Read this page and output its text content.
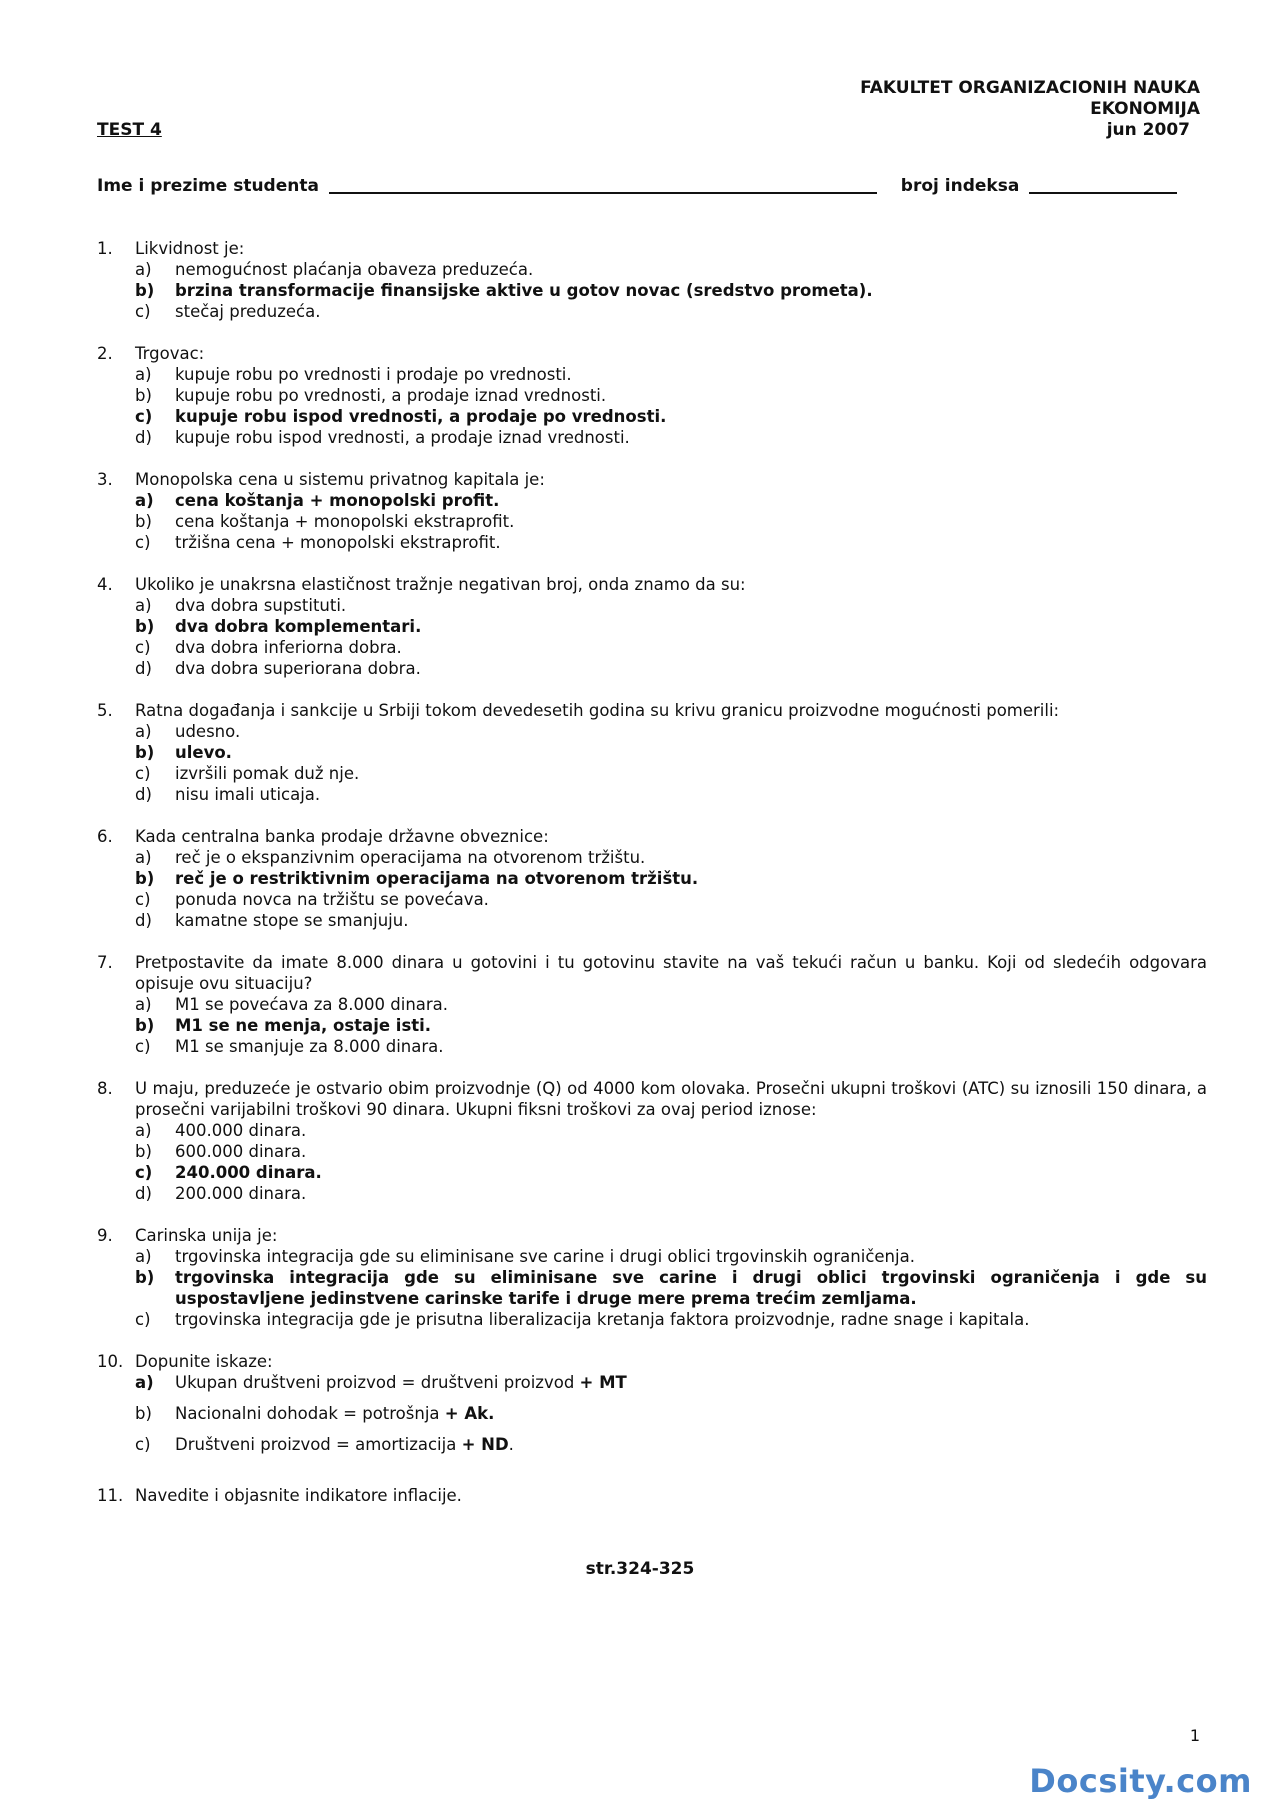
FAKULTET ORGANIZACIONIH NAUKA
EKONOMIJA
jun 2007
TEST 4
Ime i prezime studenta	broj indeksa
1. Likvidnost je:
a) nemogućnost plaćanja obaveza preduzeća.
b) brzina transformacije finansijske aktive u gotov novac (sredstvo prometa).
c) stečaj preduzeća.
2. Trgovac:
a) kupuje robu po vrednosti i prodaje po vrednosti.
b) kupuje robu po vrednosti, a prodaje iznad vrednosti.
c) kupuje robu ispod vrednosti, a prodaje po vrednosti.
d) kupuje robu ispod vrednosti, a prodaje iznad vrednosti.
3. Monopolska cena u sistemu privatnog kapitala je:
a) cena koštanja + monopolski profit.
b) cena koštanja + monopolski ekstraprofit.
c) tržišna cena + monopolski ekstraprofit.
4. Ukoliko je unakrsna elastičnost tražnje negativan broj, onda znamo da su:
a) dva dobra supstituti.
b) dva dobra komplementari.
c) dva dobra inferiorna dobra.
d) dva dobra superiorana dobra.
5. Ratna događanja i sankcije u Srbiji tokom devedesetih godina su krivu granicu proizvodne mogućnosti pomerili:
a) udesno.
b) ulevo.
c) izvršili pomak duž nje.
d) nisu imali uticaja.
6. Kada centralna banka prodaje državne obveznice:
a) reč je o ekspanzivnim operacijama na otvorenom tržištu.
b) reč je o restriktivnim operacijama na otvorenom tržištu.
c) ponuda novca na tržištu se povećava.
d) kamatne stope se smanjuju.
7. Pretpostavite da imate 8.000 dinara u gotovini i tu gotovinu stavite na vaš tekući račun u banku. Koji od sledećih odgovara opisuje ovu situaciju?
a) M1 se povećava za 8.000 dinara.
b) M1 se ne menja, ostaje isti.
c) M1 se smanjuje za 8.000 dinara.
8. U maju, preduzeće je ostvario obim proizvodnje (Q) od 4000 kom olovaka. Prosečni ukupni troškovi (ATC) su iznosili 150 dinara, a prosečni varijabilni troškovi 90 dinara. Ukupni fiksni troškovi za ovaj period iznose:
a) 400.000 dinara.
b) 600.000 dinara.
c) 240.000 dinara.
d) 200.000 dinara.
9. Carinska unija je:
a) trgovinska integracija gde su eliminisane sve carine i drugi oblici trgovinskih ograničenja.
b) trgovinska integracija gde su eliminisane sve carine i drugi oblici trgovinski ograničenja i gde su uspostavljene jedinstvene carinske tarife i druge mere prema trećim zemljama.
c) trgovinska integracija gde je prisutna liberalizacija kretanja faktora proizvodnje, radne snage i kapitala.
10. Dopunite iskaze:
a) Ukupan društveni proizvod = društveni proizvod + MT
b) Nacionalni dohodak = potrošnja + Ak.
c) Društveni proizvod = amortizacija + ND.
11. Navedite i objasnite indikatore inflacije.
str.324-325
1
Docsity.com
